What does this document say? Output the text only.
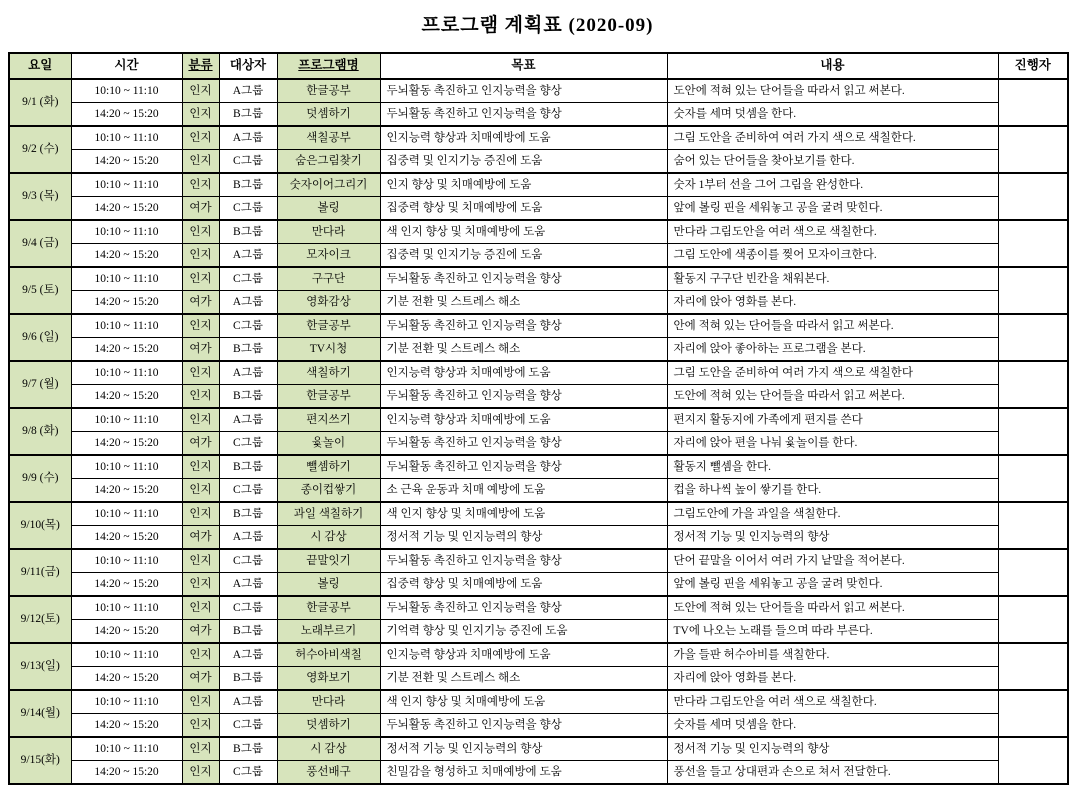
프로그램 계획표 (2020-09)
요일	시간	분류	대상자	프로그램명	목표	내용	진행자
9/1 (화)	10:10 ~ 11:10	인지	A그룹	한글공부	두뇌활동 촉진하고 인지능력을 향상	도안에 적혀 있는 단어들을 따라서 읽고 써본다.	
	14:20 ~ 15:20	인지	B그룹	덧셈하기	두뇌활동 촉진하고 인지능력을 향상	숫자를 세며 덧셈을 한다.	
9/2 (수)	10:10 ~ 11:10	인지	A그룹	색칠공부	인지능력 향상과 치매예방에 도움	그림 도안을 준비하여 여러 가지 색으로 색칠한다.	
	14:20 ~ 15:20	인지	C그룹	숨은그림찾기	집중력 및 인지기능 증진에 도움	숨어 있는 단어들을 찾아보기를 한다.	
9/3 (목)	10:10 ~ 11:10	인지	B그룹	숫자이어그리기	인지 향상 및 치매예방에 도움	숫자 1부터 선을 그어 그림을 완성한다.	
	14:20 ~ 15:20	여가	C그룹	볼링	집중력 향상 및 치매예방에 도움	앞에 볼링 핀을 세워놓고 공을 굴려 맞힌다.	
9/4 (금)	10:10 ~ 11:10	인지	B그룹	만다라	색 인지 향상 및 치매예방에 도움	만다라 그림도안을 여러 색으로 색칠한다.	
	14:20 ~ 15:20	인지	A그룹	모자이크	집중력 및 인지기능 증진에 도움	그림 도안에 색종이를 찢어 모자이크한다.	
9/5 (토)	10:10 ~ 11:10	인지	C그룹	구구단	두뇌활동 촉진하고 인지능력을 향상	활동지 구구단 빈칸을 채워본다.	
	14:20 ~ 15:20	여가	A그룹	영화감상	기분 전환 및 스트레스 해소	자리에 앉아 영화를 본다.	
9/6 (일)	10:10 ~ 11:10	인지	C그룹	한글공부	두뇌활동 촉진하고 인지능력을 향상	안에 적혀 있는 단어들을 따라서 읽고 써본다.	
	14:20 ~ 15:20	여가	B그룹	TV시청	기분 전환 및 스트레스 해소	자리에 앉아 좋아하는 프로그램을 본다.	
9/7 (월)	10:10 ~ 11:10	인지	A그룹	색칠하기	인지능력 향상과 치매예방에 도움	그림 도안을 준비하여 여러 가지 색으로 색칠한다	
	14:20 ~ 15:20	인지	B그룹	한글공부	두뇌활동 촉진하고 인지능력을 향상	도안에 적혀 있는 단어들을 따라서 읽고 써본다.	
9/8 (화)	10:10 ~ 11:10	인지	A그룹	편지쓰기	인지능력 향상과 치매예방에 도움	편지지 활동지에 가족에게 편지를 쓴다	
	14:20 ~ 15:20	여가	C그룹	윷놀이	두뇌활동 촉진하고 인지능력을 향상	자리에 앉아 편을 나눠 윷놀이를 한다.	
9/9 (수)	10:10 ~ 11:10	인지	B그룹	뺄셈하기	두뇌활동 촉진하고 인지능력을 향상	활동지 뺄셈을 한다.	
	14:20 ~ 15:20	인지	C그룹	종이컵쌓기	소 근육 운동과 치매 예방에 도움	컵을 하나씩 높이 쌓기를 한다.	
9/10(목)	10:10 ~ 11:10	인지	B그룹	과일 색칠하기	색 인지 향상 및 치매예방에 도움	그림도안에 가을 과일을 색칠한다.	
	14:20 ~ 15:20	여가	A그룹	시 감상	정서적 기능 및 인지능력의 향상	정서적 기능 및 인지능력의 향상	
9/11(금)	10:10 ~ 11:10	인지	C그룹	끝말잇기	두뇌활동 촉진하고 인지능력을 향상	단어 끝말을 이어서 여러 가지 낱말을 적어본다.	
	14:20 ~ 15:20	인지	A그룹	볼링	집중력 향상 및 치매예방에 도움	앞에 볼링 핀을 세워놓고 공을 굴려 맞힌다.	
9/12(토)	10:10 ~ 11:10	인지	C그룹	한글공부	두뇌활동 촉진하고 인지능력을 향상	도안에 적혀 있는 단어들을 따라서 읽고 써본다.	
	14:20 ~ 15:20	여가	B그룹	노래부르기	기억력 향상 및 인지기능 증진에 도움	TV에 나오는 노래를 들으며 따라 부른다.	
9/13(일)	10:10 ~ 11:10	인지	A그룹	허수아비색칠	인지능력 향상과 치매예방에 도움	가을 들판 허수아비를 색칠한다.	
	14:20 ~ 15:20	여가	B그룹	영화보기	기분 전환 및 스트레스 해소	자리에 앉아 영화를 본다.	
9/14(월)	10:10 ~ 11:10	인지	A그룹	만다라	색 인지 향상 및 치매예방에 도움	만다라 그림도안을 여러 색으로 색칠한다.	
	14:20 ~ 15:20	인지	C그룹	덧셈하기	두뇌활동 촉진하고 인지능력을 향상	숫자를 세며 덧셈을 한다.	
9/15(화)	10:10 ~ 11:10	인지	B그룹	시 감상	정서적 기능 및 인지능력의 향상	정서적 기능 및 인지능력의 향상	
	14:20 ~ 15:20	인지	C그룹	풍선배구	친밀감을 형성하고 치매예방에 도움	풍선을 들고 상대편과 손으로 쳐서 전달한다.	
